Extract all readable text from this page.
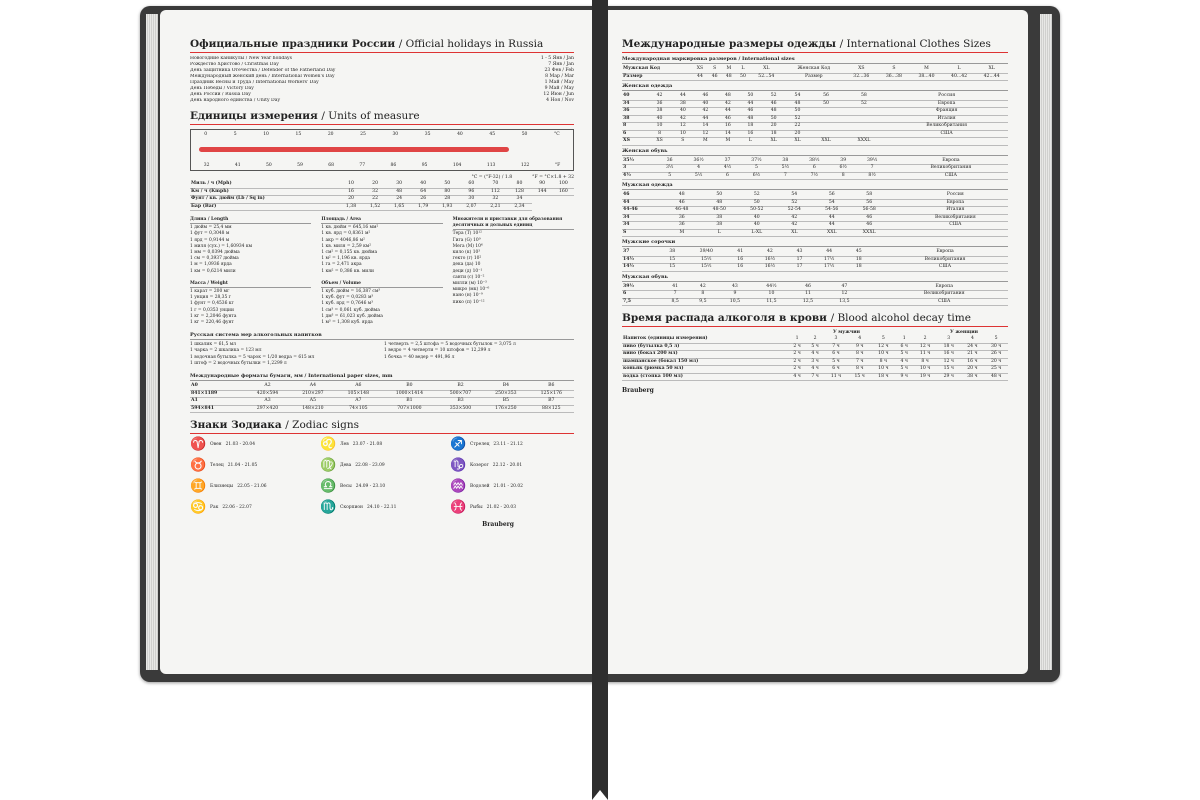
Официальные праздники России / Official holidays in Russia
Новогодние каникулы / New Year holidays	1 - 5 Янв / Jan
Рождество Христово / Christmas Day	7 Янв / Jan
День защитника Отечества / Defender of the Fatherland Day	23 Фев / Feb
Международный женский день / International Women's Day	8 Мар / Mar
Праздник Весны и Труда / International Workers' Day	1 Май / May
День Победы / Victory Day	9 Май / May
День России / Russia Day	12 Июн / Jun
День народного единства / Unity Day	4 Ноя / Nov
Единицы измерения / Units of measure
0	5	10	15	20	25	30	35	40	45	50	°C
32	41	50	59	68	77	86	95	104	113	122	°F
°C = (°F-32) / 1.8	°F = °C×1.8 + 32
Миль / ч (Mph)	10	20	30	40	50	60	70	80	90	100
Км / ч (Kmph)	16	32	48	64	80	96	112	128	144	160
Фунт / кв. дюйм (Lb / Sq in)	20	22	24	26	28	30	32	34		
Бар (Bar)	1,38	1,52	1,65	1,79	1,93	2,07	2,21	2,34		
Длина / Length
1 дюйм = 25,4 мм
1 фут = 0,3048 м
1 ярд = 0,9144 м
1 миля (сух.) = 1,60934 км
1 мм = 0,0394 дюйма
1 см = 0,3937 дюйма
1 м = 1,0936 ярда
1 км = 0,6214 мили
Масса / Weight
1 карат = 200 мг
1 унция = 28,35 г
1 фунт = 0,4536 кг
1 г = 0,0353 унции
1 кг = 2,2046 фунта
1 кг = 220,46 фунт
Площадь / Area
1 кв. дюйм = 645,16 мм²
1 кв. ярд = 0,8361 м²
1 акр = 4046,86 м²
1 кв. миля = 2,59 км²
1 см² = 0,155 кв. дюйма
1 м² = 1,196 кв. ярда
1 га = 2,471 акра
1 км² = 0,386 кв. мили
Объем / Volume
1 куб. дюйм = 16,387 см³
1 куб. фут = 0,0283 м³
1 куб. ярд = 0,7646 м³
1 см³ = 0,061 куб. дюйма
1 дм³ = 61,023 куб. дюйма
1 м³ = 1,308 куб. ярда
Множители и приставки для образования десятичных и дольных единиц
Тера (T) 10¹²
Гига (G) 10⁹
Мега (M) 10⁶
кило (к) 10³
гекто (г) 10²
дека (да) 10
деци (д) 10⁻¹
санти (с) 10⁻²
милли (м) 10⁻³
микро (мк) 10⁻⁶
нано (н) 10⁻⁹
пико (п) 10⁻¹²
Русская система мер алкогольных напитков
1 шкалик = 61,5 мл
1 чарка = 2 шкалика = 123 мл
1 водочная бутылка = 5 чарок = 1/20 ведра = 615 мл
1 штоф = 2 водочных бутылки = 1,2299 л
1 четверть = 2,5 штофа = 5 водочных бутылок = 3,075 л
1 ведро = 4 четверти = 10 штофов = 12,299 л
1 бочка = 40 ведер = 491,96 л
Международные форматы бумаги, мм / International paper sizes, mm
A0	A2	A4	A6	B0	B2	B4	B6
841×1189	420×594	210×297	105×148	1000×1414	500×707	250×353	125×176
A1	A3	A5	A7	B1	B3	B5	B7
594×841	297×420	148×210	74×105	707×1000	353×500	176×250	88×125
Знаки Зодиака / Zodiac signs
♈ Овен 21.03 - 20.04	♌ Лев 23.07 - 21.08	♐ Стрелец 23.11 - 21.12
♉ Телец 21.04 - 21.05	♍ Дева 22.08 - 23.09	♑ Козерог 22.12 - 20.01
♊ Близнецы 22.05 - 21.06	♎ Весы 24.09 - 23.10	♒ Водолей 21.01 - 20.02
♋ Рак 22.06 - 22.07	♏ Скорпион 24.10 - 22.11	♓ Рыбы 21.02 - 20.03
Brauberg
Международные размеры одежды / International Clothes Sizes
Международная маркировка размеров / International sizes
Мужская Код	XS	S	M	L	XL	Женская Код	XS	S	M	L	XL
Размер	44	46	48	50	52...54	Размер	32...36	36...38	38...40	40...42	42...44
Женская одежда
40	42	44	46	48	50	52	54	56	58	Россия
34	36	38	40	42	44	46	48	50	52	Европа
36	38	40	42	44	46	48	50			Франция
38	40	42	44	46	48	50	52			Италия
8	10	12	14	16	18	20	22			Великобритания
6	8	10	12	14	16	18	20			США
XS	XS	S	M	M	L	XL	XL	XXL	XXXL	
Женская обувь
35½	36	36½	37	37½	38	38½	39	39½		Европа
3	3½	4	4½	5	5½	6	6½	7		Великобритания
4½	5	5½	6	6½	7	7½	8	8½		США
Мужская одежда
46	48	50	52	54	56	58				Россия
44	46	48	50	52	54	56				Европа
44-46	46-48	48-50	50-52	52-54	54-56	56-58				Италия
34	36	38	40	42	44	46				Великобритания
34	36	38	40	42	44	46				США
S	M	L	L-XL	XL	XXL	XXXL				
Мужские сорочки
37	38	39/40	41	42	43	44	45			Европа
14½	15	15½	16	16½	17	17½	18			Великобритания
14½	15	15½	16	16½	17	17½	18			США
Мужская обувь
39½	41	42	43	44½	46	47				Европа
6	7	8	9	10	11	12				Великобритания
7,5	8,5	9,5	10,5	11,5	12,5	13,5				США
Время распада алкоголя в крови / Blood alcohol decay time
У мужчин	У женщин
Напиток (единицы измерения)	1	2	3	4	5	1	2	3	4	5
пиво (бутылка 0,5 л)	2 ч	5 ч	7 ч	9 ч	12 ч	6 ч	12 ч	18 ч	24 ч	30 ч
вино (бокал 200 мл)	2 ч	4 ч	6 ч	8 ч	10 ч	5 ч	11 ч	16 ч	21 ч	26 ч
шампанское (бокал 150 мл)	2 ч	3 ч	5 ч	7 ч	8 ч	4 ч	8 ч	12 ч	16 ч	20 ч
коньяк (рюмка 50 мл)	2 ч	4 ч	6 ч	8 ч	10 ч	5 ч	10 ч	15 ч	20 ч	25 ч
водка (стопка 100 мл)	4 ч	7 ч	11 ч	15 ч	18 ч	9 ч	19 ч	29 ч	38 ч	48 ч
Brauberg
